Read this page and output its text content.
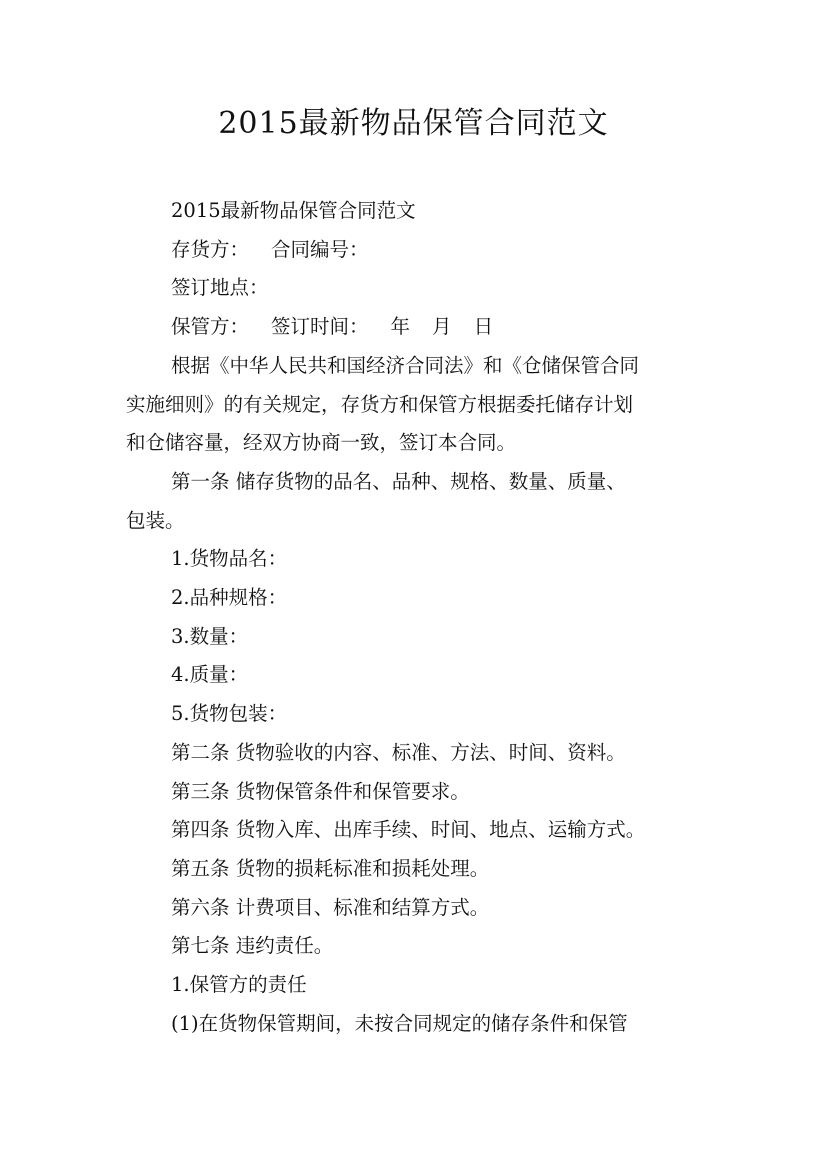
2015最新物品保管合同范文

2015最新物品保管合同范文

存货方： 合同编号：

签订地点：

保管方： 签订时间： 年 月 日

根据《中华人民共和国经济合同法》和《仓储保管合同

实施细则》的有关规定，存货方和保管方根据委托储存计划

和仓储容量，经双方协商一致，签订本合同。

第一条 储存货物的品名、品种、规格、数量、质量、

包装。

1.货物品名：

2.品种规格：

3.数量：

4.质量：

5.货物包装：

第二条 货物验收的内容、标准、方法、时间、资料。

第三条 货物保管条件和保管要求。

第四条 货物入库、出库手续、时间、地点、运输方式。

第五条 货物的损耗标准和损耗处理。

第六条 计费项目、标准和结算方式。

第七条 违约责任。

1.保管方的责任

(1)在货物保管期间，未按合同规定的储存条件和保管
